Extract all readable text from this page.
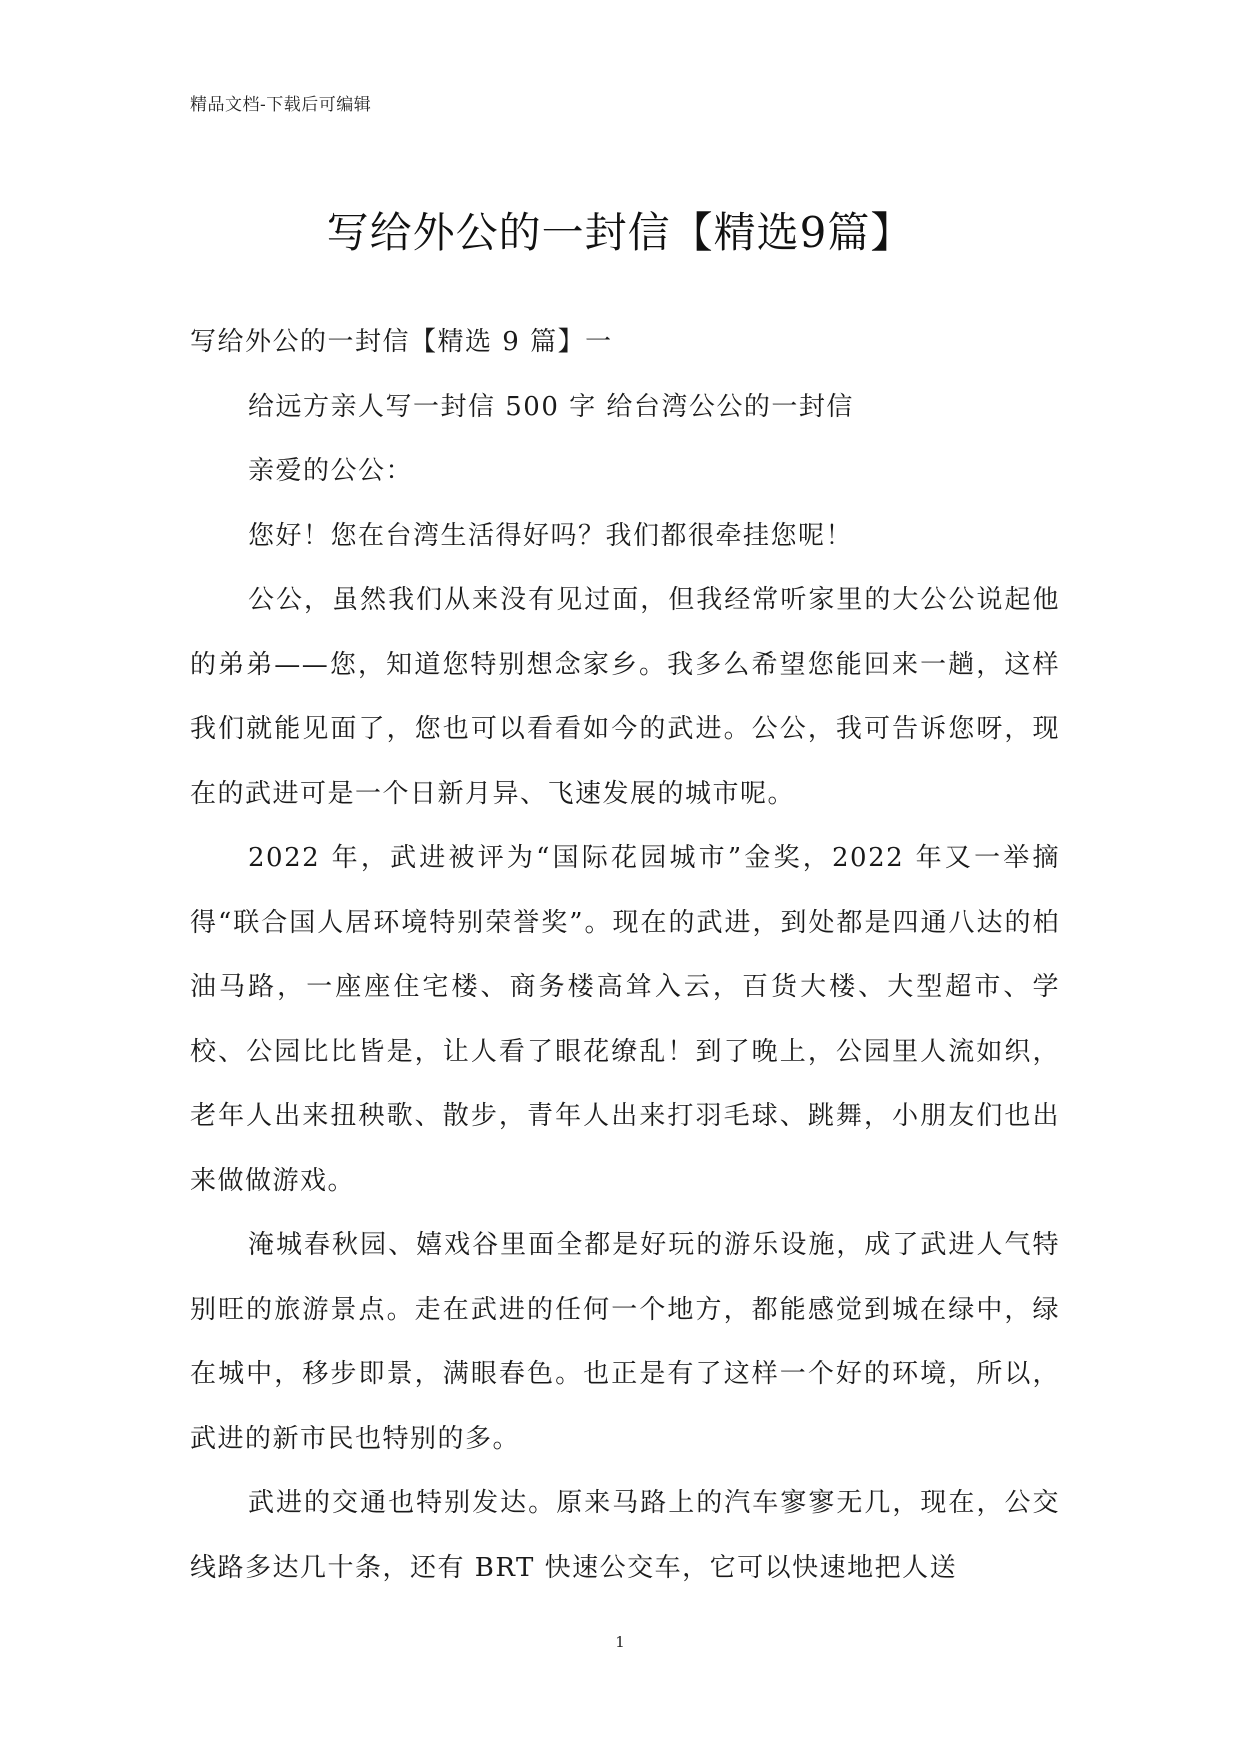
精品文档-下载后可编辑
写给外公的一封信【精选9篇】

写给外公的一封信【精选 9 篇】一

给远方亲人写一封信 500 字 给台湾公公的一封信

亲爱的公公：

您好！您在台湾生活得好吗？我们都很牵挂您呢！

公公，虽然我们从来没有见过面，但我经常听家里的大公公说起他的弟弟——您，知道您特别想念家乡。我多么希望您能回来一趟，这样我们就能见面了，您也可以看看如今的武进。公公，我可告诉您呀，现在的武进可是一个日新月异、飞速发展的城市呢。

2022 年，武进被评为“国际花园城市”金奖，2022 年又一举摘得“联合国人居环境特别荣誉奖”。现在的武进，到处都是四通八达的柏油马路，一座座住宅楼、商务楼高耸入云，百货大楼、大型超市、学校、公园比比皆是，让人看了眼花缭乱！到了晚上，公园里人流如织，老年人出来扭秧歌、散步，青年人出来打羽毛球、跳舞，小朋友们也出来做做游戏。

淹城春秋园、嬉戏谷里面全都是好玩的游乐设施，成了武进人气特别旺的旅游景点。走在武进的任何一个地方，都能感觉到城在绿中，绿在城中，移步即景，满眼春色。也正是有了这样一个好的环境，所以，武进的新市民也特别的多。

武进的交通也特别发达。原来马路上的汽车寥寥无几，现在，公交线路多达几十条，还有 BRT 快速公交车，它可以快速地把人送

1
